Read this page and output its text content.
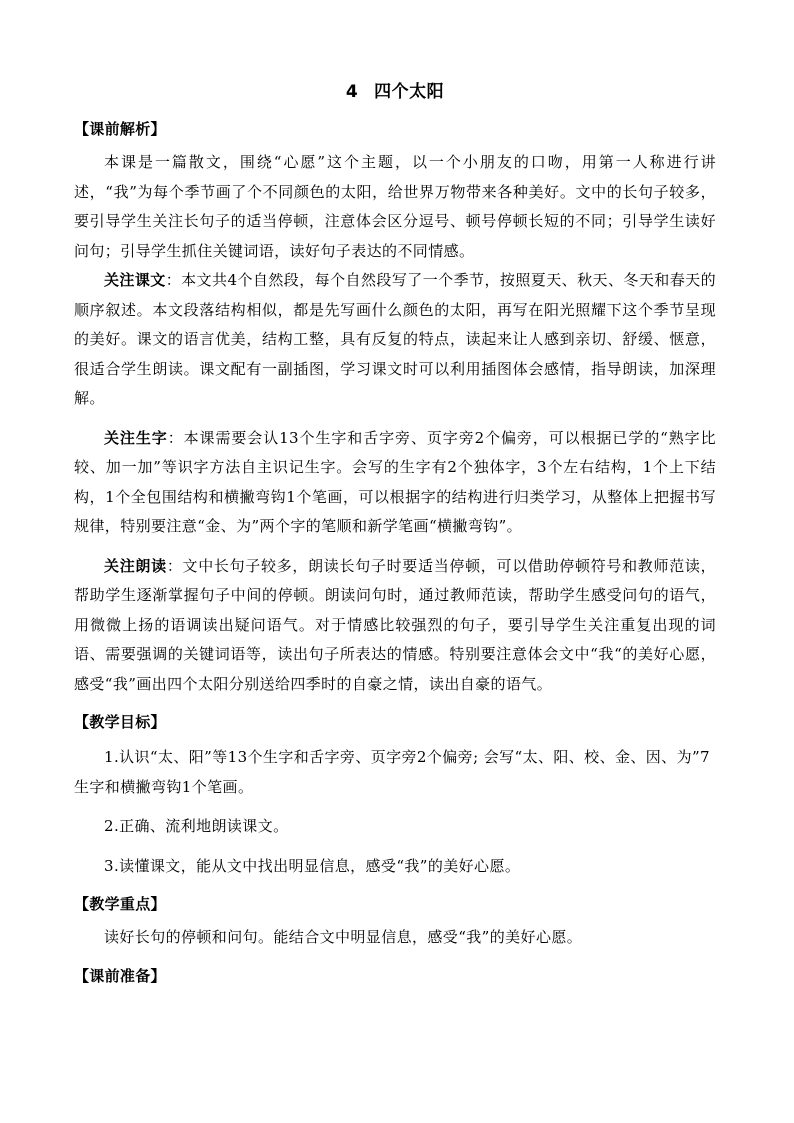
4 四个太阳
【课前解析】

本课是一篇散文，围绕“心愿”这个主题，以一个小朋友的口吻，用第一人称进行讲述，“我”为每个季节画了个不同颜色的太阳，给世界万物带来各种美好。文中的长句子较多，要引导学生关注长句子的适当停顿，注意体会区分逗号、顿号停顿长短的不同；引导学生读好问句；引导学生抓住关键词语，读好句子表达的不同情感。

关注课文：本文共4个自然段，每个自然段写了一个季节，按照夏天、秋天、冬天和春天的顺序叙述。本文段落结构相似，都是先写画什么颜色的太阳，再写在阳光照耀下这个季节呈现的美好。课文的语言优美，结构工整，具有反复的特点，读起来让人感到亲切、舒缓、惬意，很适合学生朗读。课文配有一副插图，学习课文时可以利用插图体会感情，指导朗读，加深理解。

关注生字：本课需要会认13个生字和舌字旁、页字旁2个偏旁，可以根据已学的“熟字比较、加一加”等识字方法自主识记生字。会写的生字有2个独体字，3个左右结构，1个上下结构，1个全包围结构和横撇弯钩1个笔画，可以根据字的结构进行归类学习，从整体上把握书写规律，特别要注意“金、为”两个字的笔顺和新学笔画“横撇弯钩”。

关注朗读：文中长句子较多，朗读长句子时要适当停顿，可以借助停顿符号和教师范读，帮助学生逐渐掌握句子中间的停顿。朗读问句时，通过教师范读，帮助学生感受问句的语气，用微微上扬的语调读出疑问语气。对于情感比较强烈的句子，要引导学生关注重复出现的词语、需要强调的关键词语等，读出句子所表达的情感。特别要注意体会文中“我“的美好心愿，感受“我”画出四个太阳分别送给四季时的自豪之情，读出自豪的语气。

【教学目标】

1.认识“太、阳”等13个生字和舌字旁、页字旁2个偏旁; 会写“太、阳、校、金、因、为”7生字和横撇弯钩1个笔画。

2.正确、流利地朗读课文。

3.读懂课文，能从文中找出明显信息，感受“我”的美好心愿。

【教学重点】

读好长句的停顿和问句。能结合文中明显信息，感受“我”的美好心愿。

【课前准备】
